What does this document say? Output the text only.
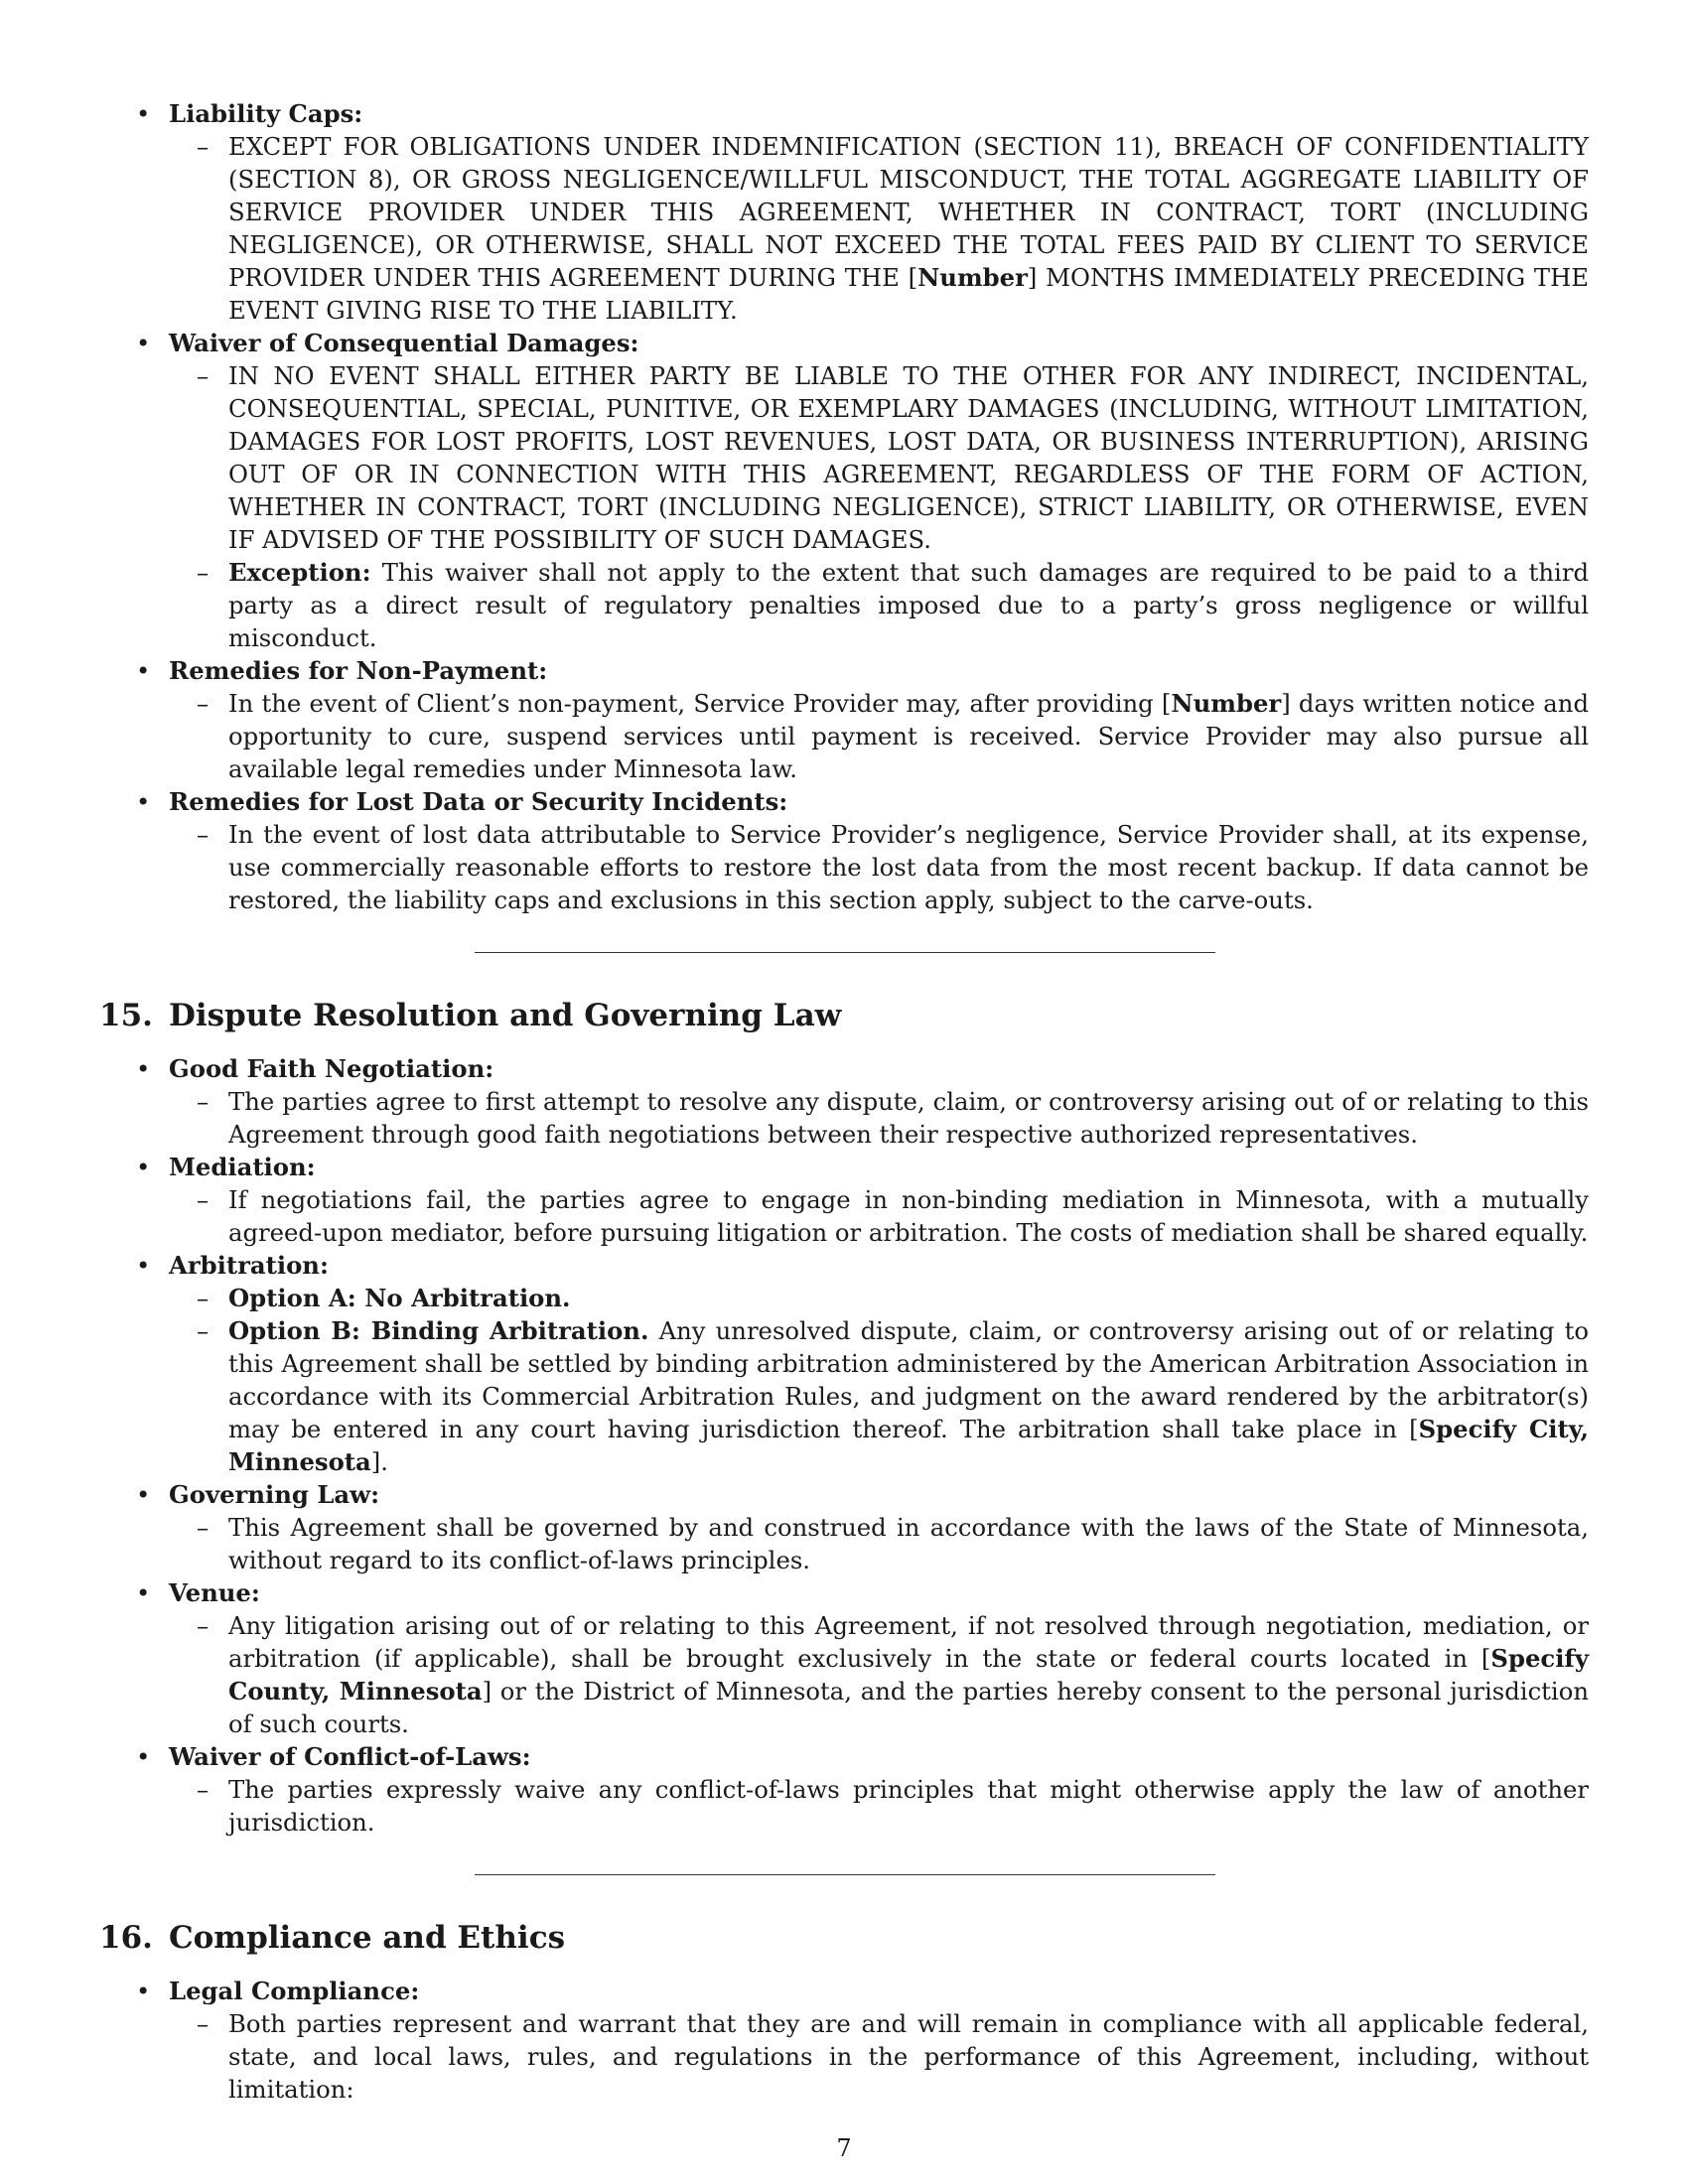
• Liability Caps:
– EXCEPT FOR OBLIGATIONS UNDER INDEMNIFICATION (SECTION 11), BREACH OF CONFIDENTIALITY (SECTION 8), OR GROSS NEGLIGENCE/WILLFUL MISCONDUCT, THE TOTAL AGGREGATE LIABILITY OF SERVICE PROVIDER UNDER THIS AGREEMENT, WHETHER IN CONTRACT, TORT (INCLUDING NEGLIGENCE), OR OTHERWISE, SHALL NOT EXCEED THE TOTAL FEES PAID BY CLIENT TO SERVICE PROVIDER UNDER THIS AGREEMENT DURING THE [Number] MONTHS IMMEDIATELY PRECEDING THE EVENT GIVING RISE TO THE LIABILITY.
• Waiver of Consequential Damages:
– IN NO EVENT SHALL EITHER PARTY BE LIABLE TO THE OTHER FOR ANY INDIRECT, INCIDENTAL, CONSEQUENTIAL, SPECIAL, PUNITIVE, OR EXEMPLARY DAMAGES (INCLUDING, WITHOUT LIMITATION, DAMAGES FOR LOST PROFITS, LOST REVENUES, LOST DATA, OR BUSINESS INTERRUPTION), ARISING OUT OF OR IN CONNECTION WITH THIS AGREEMENT, REGARDLESS OF THE FORM OF ACTION, WHETHER IN CONTRACT, TORT (INCLUDING NEGLIGENCE), STRICT LIABILITY, OR OTHERWISE, EVEN IF ADVISED OF THE POSSIBILITY OF SUCH DAMAGES.
– Exception: This waiver shall not apply to the extent that such damages are required to be paid to a third party as a direct result of regulatory penalties imposed due to a party’s gross negligence or willful misconduct.
• Remedies for Non-Payment:
– In the event of Client’s non-payment, Service Provider may, after providing [Number] days written notice and opportunity to cure, suspend services until payment is received. Service Provider may also pursue all available legal remedies under Minnesota law.
• Remedies for Lost Data or Security Incidents:
– In the event of lost data attributable to Service Provider’s negligence, Service Provider shall, at its expense, use commercially reasonable efforts to restore the lost data from the most recent backup. If data cannot be restored, the liability caps and exclusions in this section apply, subject to the carve-outs.
15. Dispute Resolution and Governing Law
• Good Faith Negotiation:
– The parties agree to first attempt to resolve any dispute, claim, or controversy arising out of or relating to this Agreement through good faith negotiations between their respective authorized representatives.
• Mediation:
– If negotiations fail, the parties agree to engage in non-binding mediation in Minnesota, with a mutually agreed-upon mediator, before pursuing litigation or arbitration. The costs of mediation shall be shared equally.
• Arbitration:
– Option A: No Arbitration.
– Option B: Binding Arbitration. Any unresolved dispute, claim, or controversy arising out of or relating to this Agreement shall be settled by binding arbitration administered by the American Arbitration Association in accordance with its Commercial Arbitration Rules, and judgment on the award rendered by the arbitrator(s) may be entered in any court having jurisdiction thereof. The arbitration shall take place in [Specify City, Minnesota].
• Governing Law:
– This Agreement shall be governed by and construed in accordance with the laws of the State of Minnesota, without regard to its conflict-of-laws principles.
• Venue:
– Any litigation arising out of or relating to this Agreement, if not resolved through negotiation, mediation, or arbitration (if applicable), shall be brought exclusively in the state or federal courts located in [Specify County, Minnesota] or the District of Minnesota, and the parties hereby consent to the personal jurisdiction of such courts.
• Waiver of Conflict-of-Laws:
– The parties expressly waive any conflict-of-laws principles that might otherwise apply the law of another jurisdiction.
16. Compliance and Ethics
• Legal Compliance:
– Both parties represent and warrant that they are and will remain in compliance with all applicable federal, state, and local laws, rules, and regulations in the performance of this Agreement, including, without limitation:
7
